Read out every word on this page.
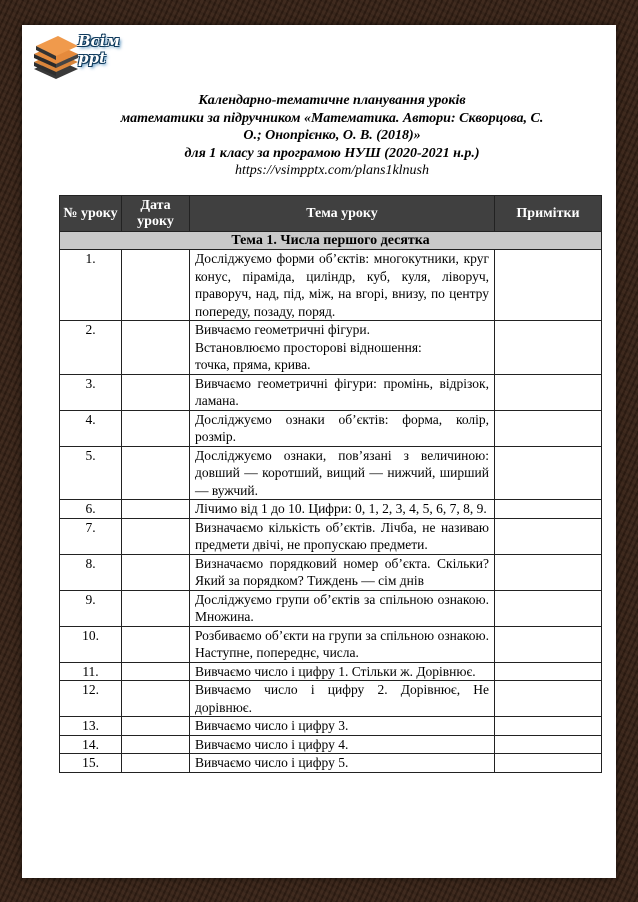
Всім
ppt
Календарно-тематичне планування уроків
математики за підручником «Математика. Автори: Скворцова, С.
О.; Онопрієнко, О. В. (2018)»
для 1 класу за програмою НУШ (2020-2021 н.р.)
https://vsimpptx.com/plans1klnush
№ уроку	Дата уроку	Тема уроку	Примітки
Тема 1. Числа першого десятка			
1.		Досліджуємо форми об’єктів: многокутники, круг конус, піраміда, циліндр, куб, куля, ліворуч, праворуч, над, під, між, на вгорі, внизу, по центру попереду, позаду, поряд.	
2.		Вивчаємо геометричні фігури.
Встановлюємо просторові відношення:
точка, пряма, крива.	
3.		Вивчаємо геометричні фігури: промінь, відрізок, ламана.	
4.		Досліджуємо ознаки об’єктів: форма, колір, розмір.	
5.		Досліджуємо ознаки, пов’язані з величиною: довший — коротший, вищий — нижчий, ширший — вужчий.	
6.		Лічимо від 1 до 10. Цифри: 0, 1, 2, 3, 4, 5, 6, 7, 8, 9.	
7.		Визначаємо кількість об’єктів. Лічба, не називаю предмети двічі, не пропускаю предмети.	
8.		Визначаємо порядковий номер об’єкта. Скільки? Який за порядком? Тиждень — сім днів	
9.		Досліджуємо групи об’єктів за спільною ознакою. Множина.	
10.		Розбиваємо об’єкти на групи за спільною ознакою. Наступне, попереднє, числа.	
11.		Вивчаємо число і цифру 1. Стільки ж. Дорівнює.	
12.		Вивчаємо число і цифру 2. Дорівнює, Не дорівнює.	
13.		Вивчаємо число і цифру 3.	
14.		Вивчаємо число і цифру 4.	
15.		Вивчаємо число і цифру 5.	
